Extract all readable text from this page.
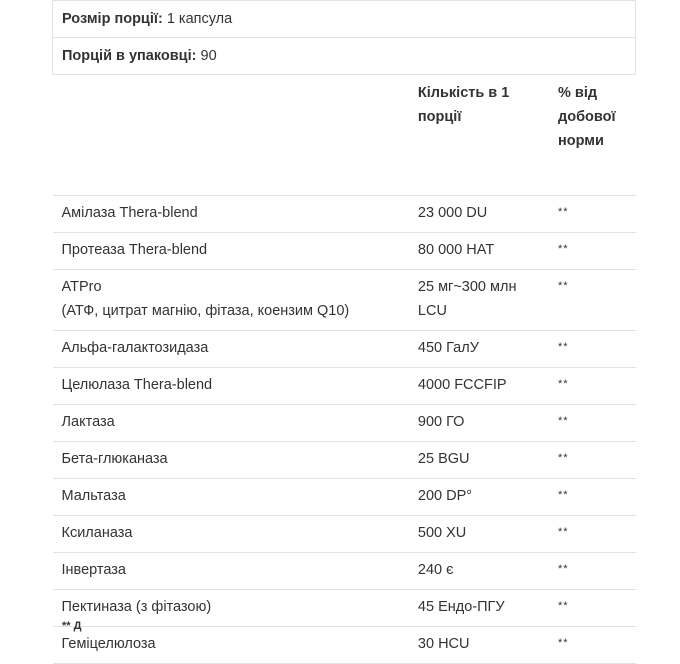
Розмір порції: 1 капсула		
Порцій в упаковці: 90		
	Кількість в 1 порції	% від добової норми

Амілаза Thera-blend	23 000 DU	**

Протеаза Thera-blend	80 000 HAT	**

ATPro
(АТФ, цитрат магнію, фітаза, коензим Q10)	25 мг~300 млн LCU	**

Альфа-галактозидаза	450 ГалУ	**

Целюлаза Thera-blend	4000 FCCFIP	**

Лактаза	900 ГО	**

Бета-глюканаза	25 BGU	**

Мальтаза	200 DP°	**

Ксиланаза	500 XU	**

Інвертаза	240 є	**

Пектиназа (з фітазою)	45 Ендо-ПГУ	**

Геміцелюлоза	30 HCU	**
** Д
